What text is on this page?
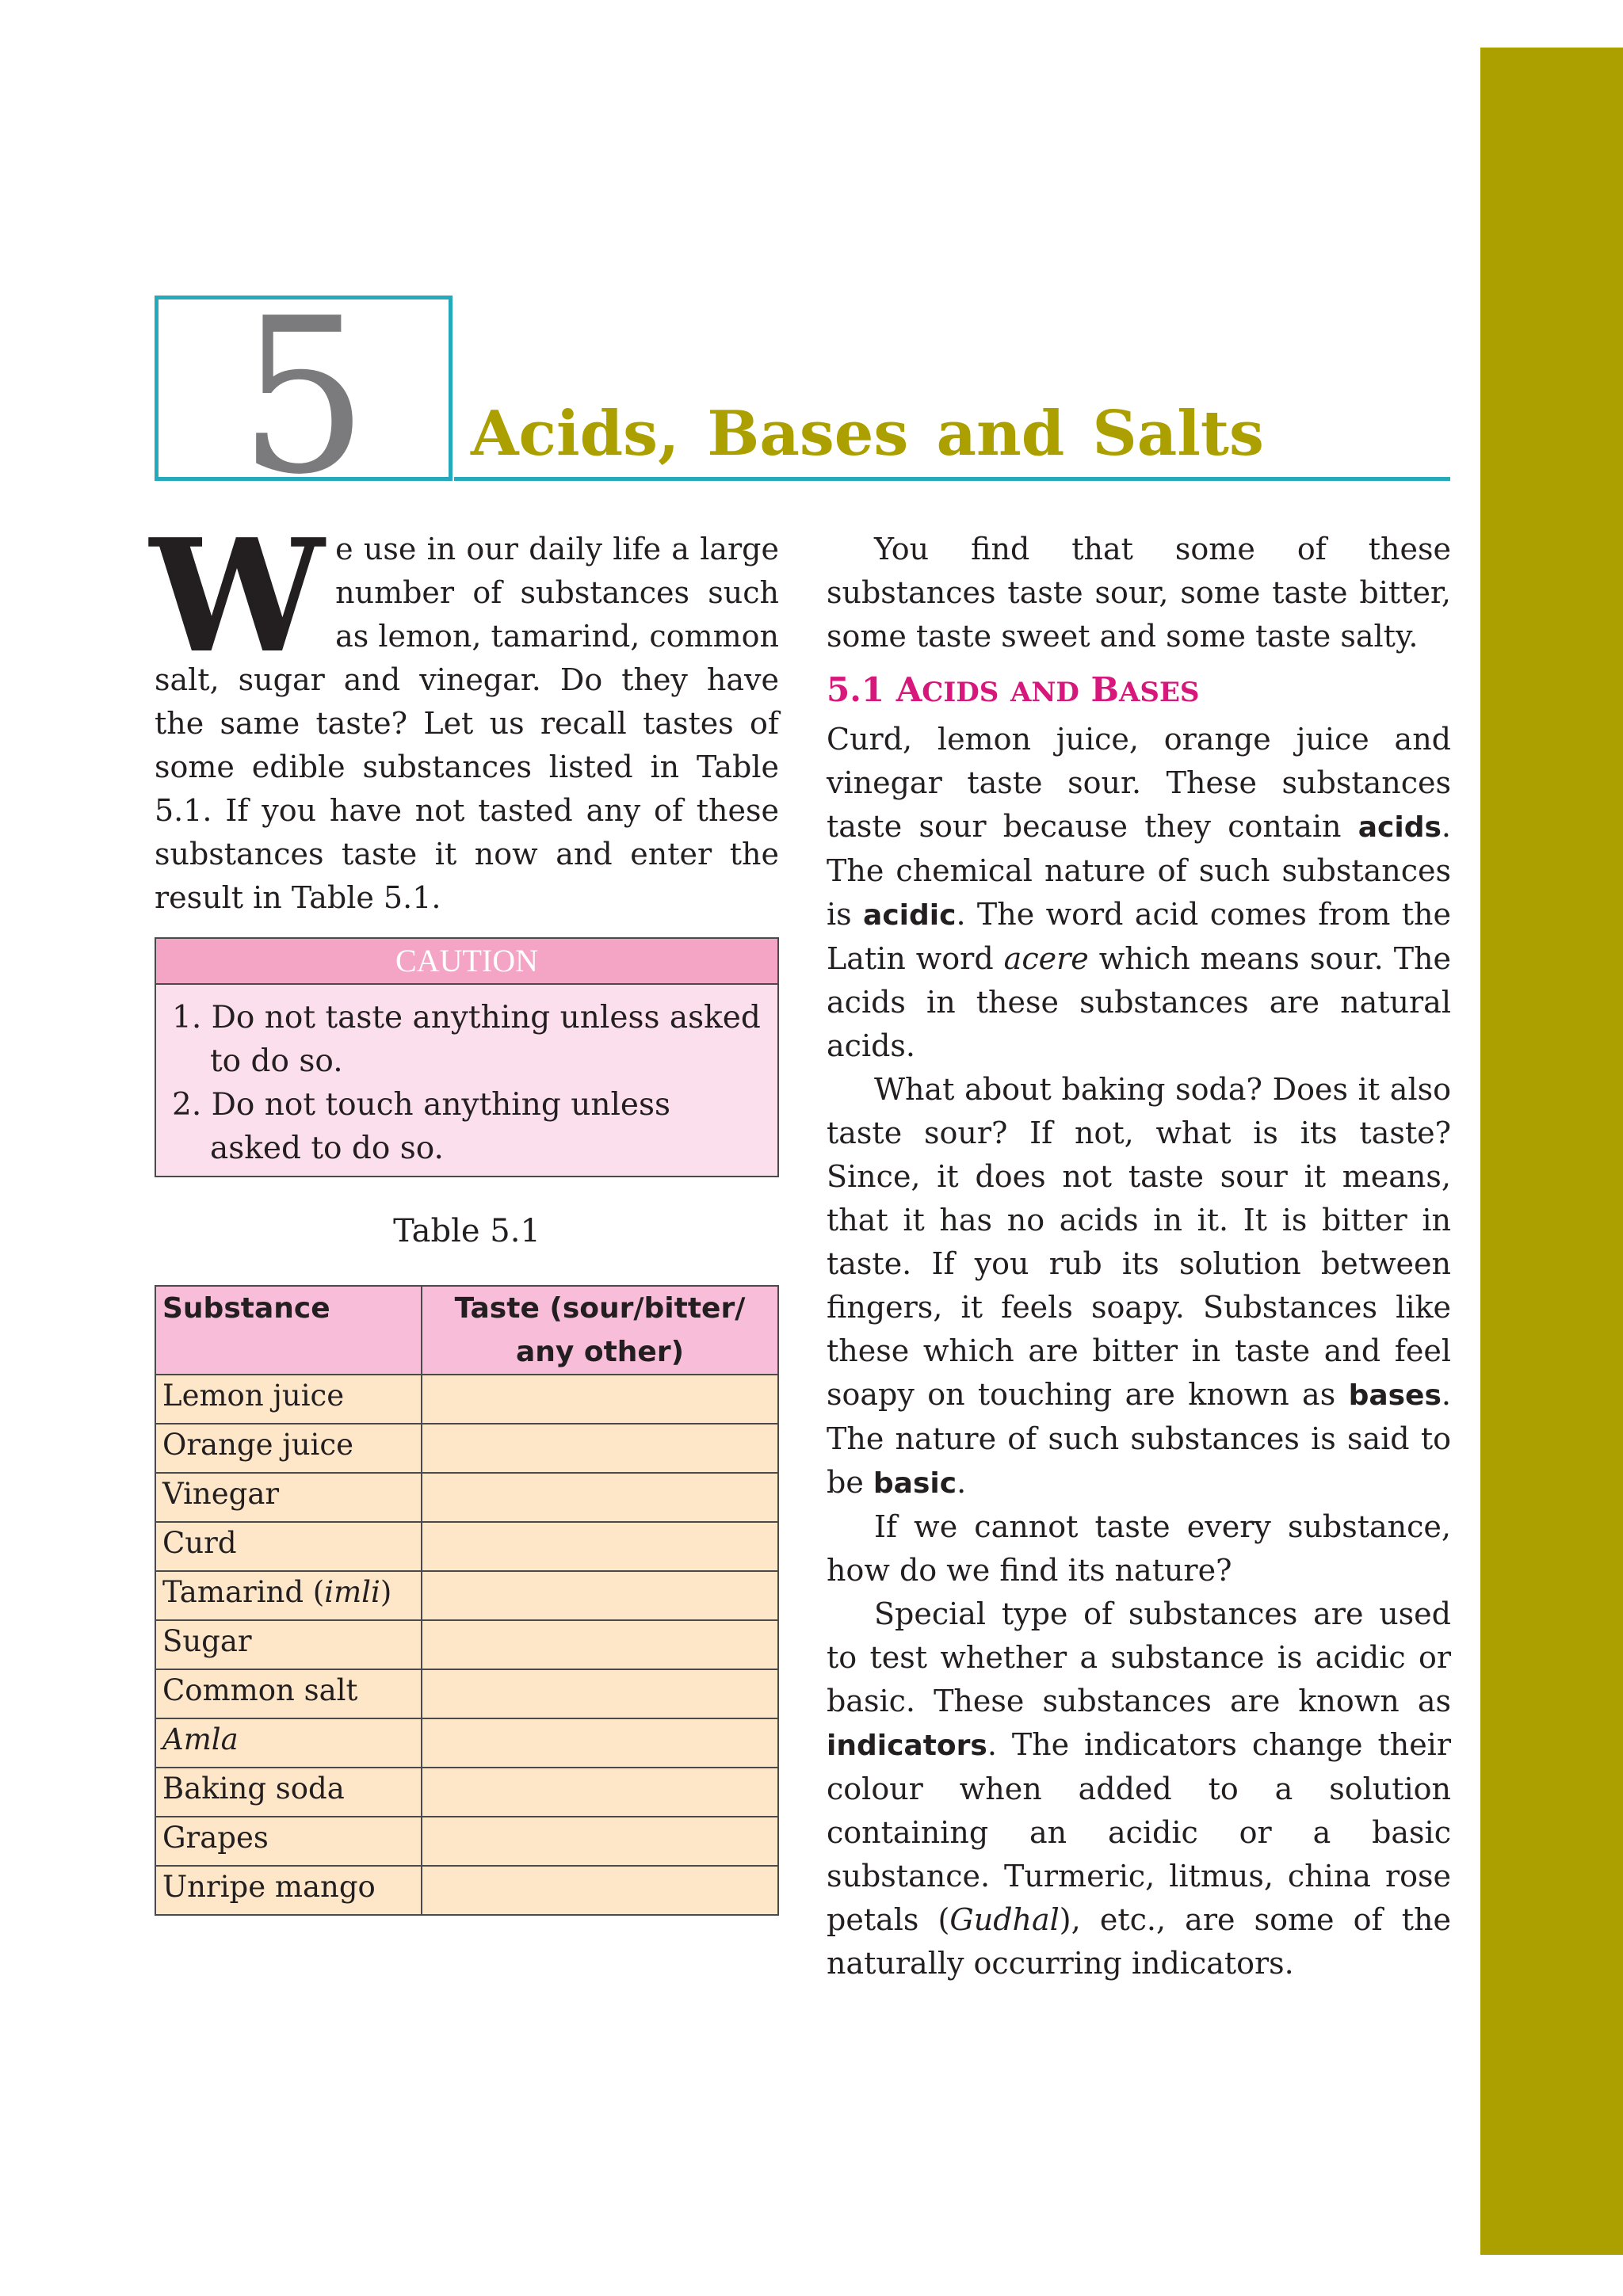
5	Acids, Bases and Salts

We use in our daily life a large number of substances such as lemon, tamarind, common salt, sugar and vinegar. Do they have the same taste? Let us recall tastes of some edible substances listed in Table 5.1. If you have not tasted any of these substances taste it now and enter the result in Table 5.1.

CAUTION
1. Do not taste anything unless asked to do so.
2. Do not touch anything unless asked to do so.
Table 5.1
Substance	Taste (sour/bitter/ any other)
Lemon juice	
Orange juice	
Vinegar	
Curd	
Tamarind (imli)	
Sugar	
Common salt	
Amla	
Baking soda	
Grapes	
Unripe mango	

You find that some of these substances taste sour, some taste bitter, some taste sweet and some taste salty.

5.1 ACIDS AND BASES

Curd, lemon juice, orange juice and vinegar taste sour. These substances taste sour because they contain acids. The chemical nature of such substances is acidic. The word acid comes from the Latin word acere which means sour. The acids in these substances are natural acids.

What about baking soda? Does it also taste sour? If not, what is its taste? Since, it does not taste sour it means, that it has no acids in it. It is bitter in taste. If you rub its solution between fingers, it feels soapy. Substances like these which are bitter in taste and feel soapy on touching are known as bases. The nature of such substances is said to be basic.

If we cannot taste every substance, how do we find its nature?

Special type of substances are used to test whether a substance is acidic or basic. These substances are known as indicators. The indicators change their colour when added to a solution containing an acidic or a basic substance. Turmeric, litmus, china rose petals (Gudhal), etc., are some of the naturally occurring indicators.
